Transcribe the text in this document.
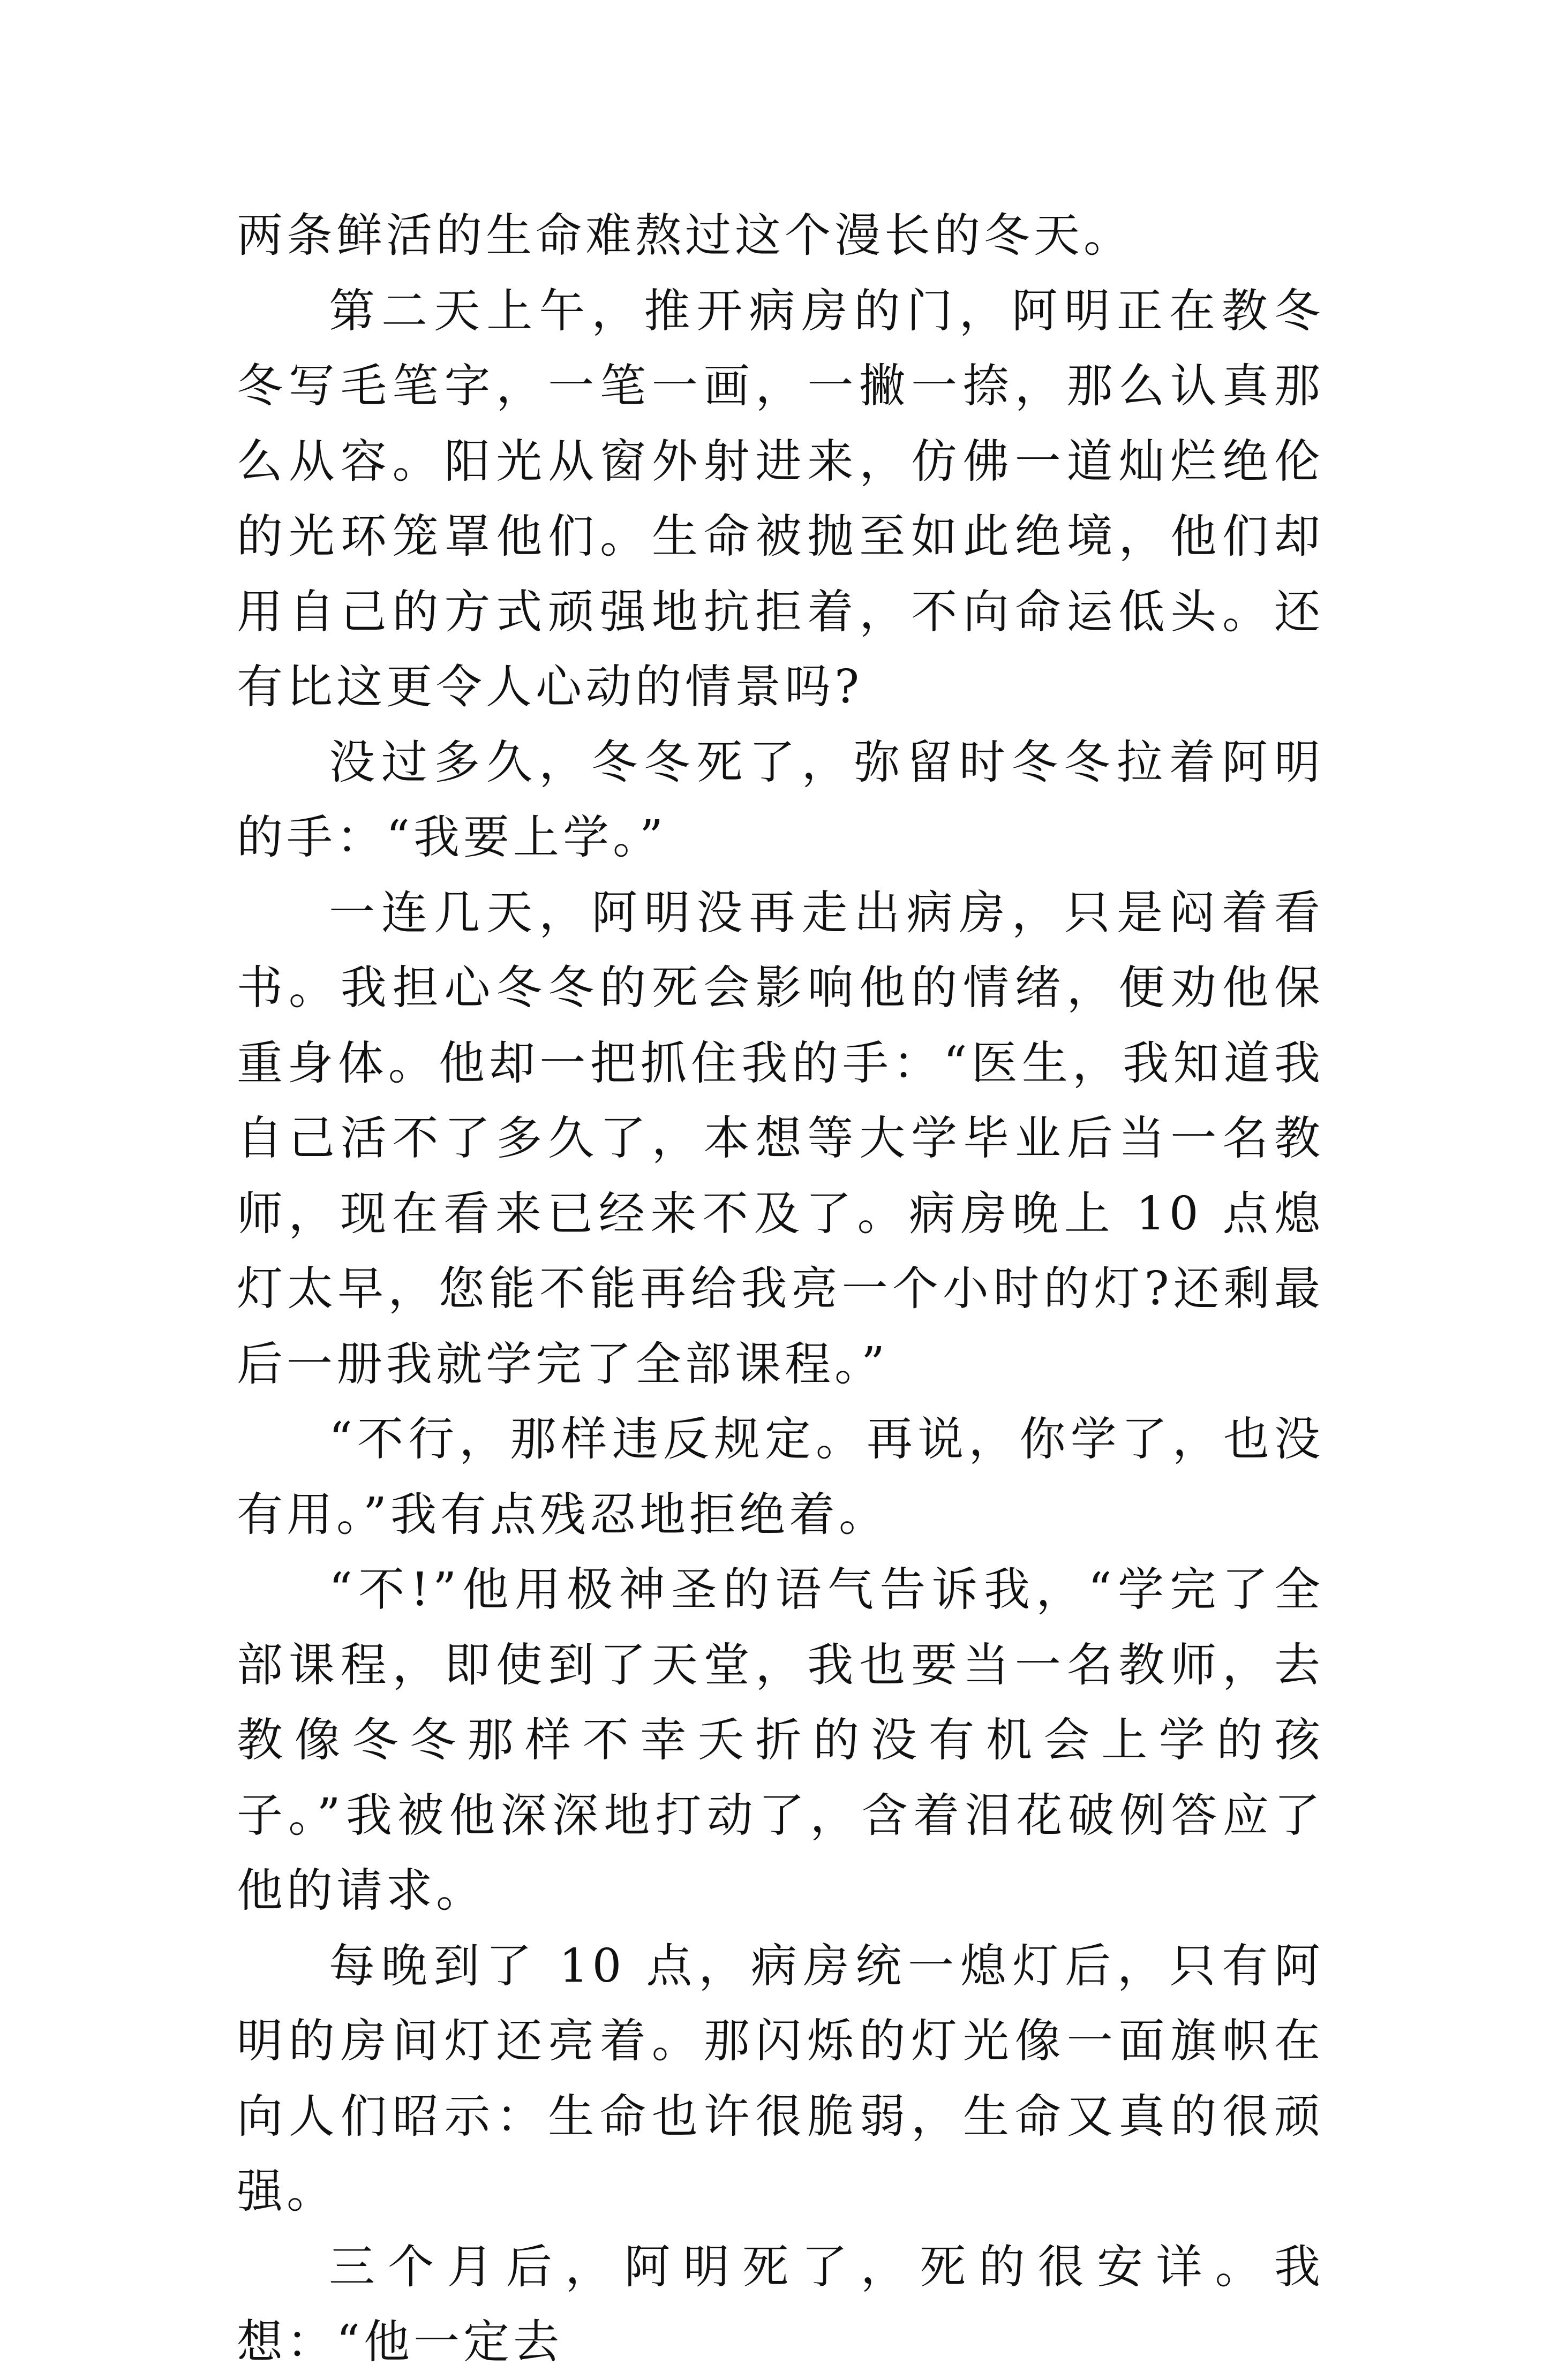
两条鲜活的生命难熬过这个漫长的冬天。

第二天上午，推开病房的门，阿明正在教冬冬写毛笔字，一笔一画，一撇一捺，那么认真那么从容。阳光从窗外射进来，仿佛一道灿烂绝伦的光环笼罩他们。生命被抛至如此绝境，他们却用自己的方式顽强地抗拒着，不向命运低头。还有比这更令人心动的情景吗?

没过多久，冬冬死了，弥留时冬冬拉着阿明的手：“我要上学。”

一连几天，阿明没再走出病房，只是闷着看书。我担心冬冬的死会影响他的情绪，便劝他保重身体。他却一把抓住我的手：“医生，我知道我自己活不了多久了，本想等大学毕业后当一名教师，现在看来已经来不及了。病房晚上 10 点熄灯太早，您能不能再给我亮一个小时的灯?还剩最后一册我就学完了全部课程。”

“不行，那样违反规定。再说，你学了，也没有用。”我有点残忍地拒绝着。

“不!”他用极神圣的语气告诉我，“学完了全部课程，即使到了天堂，我也要当一名教师，去教像冬冬那样不幸夭折的没有机会上学的孩子。”我被他深深地打动了，含着泪花破例答应了他的请求。

每晚到了 10 点，病房统一熄灯后，只有阿明的房间灯还亮着。那闪烁的灯光像一面旗帜在向人们昭示：生命也许很脆弱，生命又真的很顽强。

三个月后，阿明死了，死的很安详。我想：“他一定去
